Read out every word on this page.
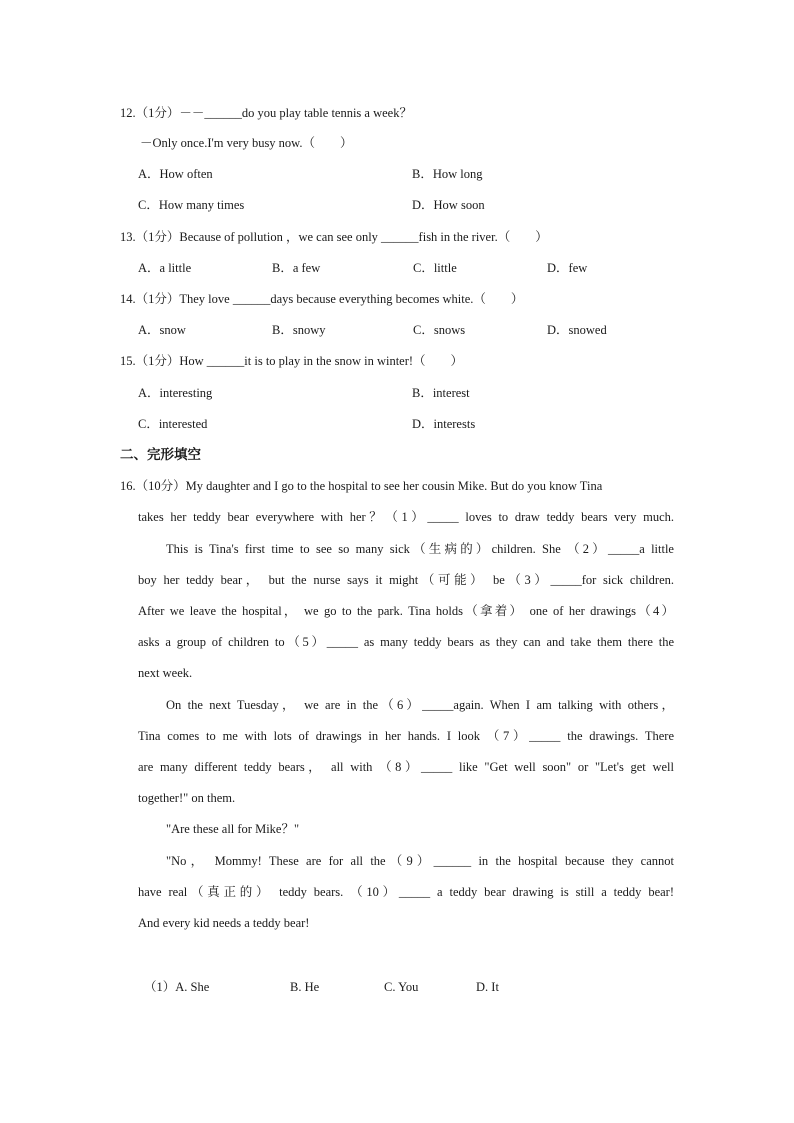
12.（1分）－－______do you play table tennis a week？
－Only once.I'm very busy now.（　　）
A．How often	B．How long
C．How many times	D．How soon
13.（1分）Because of pollution ，we can see only ______fish in the river.（　　）
A．a little	B．a few	C．little	D．few
14.（1分）They love ______days because everything becomes white.（　　）
A．snow	B．snowy	C．snows	D．snowed
15.（1分）How ______it is to play in the snow in winter!（　　）
A．interesting	B．interest
C．interested	D．interests
二、完形填空
16.（10分）My daughter and I go to the hospital to see her cousin Mike. But do you know Tina
takes her teddy bear everywhere with her？（1）_____ loves to draw teddy bears very much.
This is Tina's first time to see so many sick（生病的）children. She （2）_____a little
boy her teddy bear， but the nurse says it might（可能） be（3）_____for sick children.
After we leave the hospital， we go to the park. Tina holds（拿着） one of her drawings（4）
asks a group of children to（5）_____ as many teddy bears as they can and take them there the
next week.
On the next Tuesday， we are in the（6）_____again. When I am talking with others，
Tina comes to me with lots of drawings in her hands. I look （7）_____ the drawings. There
are many different teddy bears， all with （8）_____ like "Get well soon" or "Let's get well
together!" on them.
"Are these all for Mike？"
"No， Mommy! These are for all the（9）______ in the hospital because they cannot
have real（真正的） teddy bears. （10）_____ a teddy bear drawing is still a teddy bear!
And every kid needs a teddy bear!
（1）A. She	B. He	C. You	D. It
